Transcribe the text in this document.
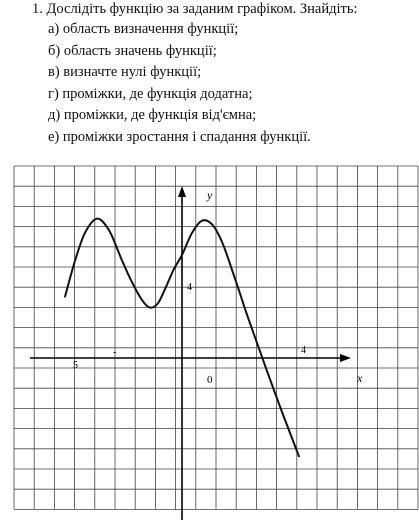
1. Дослідіть функцію за заданим графіком. Знайдіть:
а) область визначення функції;
б) область значень функції;
в) визначте нулі функції;
г) проміжки, де функція додатна;
д) проміжки, де функція від'ємна;
е) проміжки зростання і спадання функції.
y
x
0
4
5
4
-
